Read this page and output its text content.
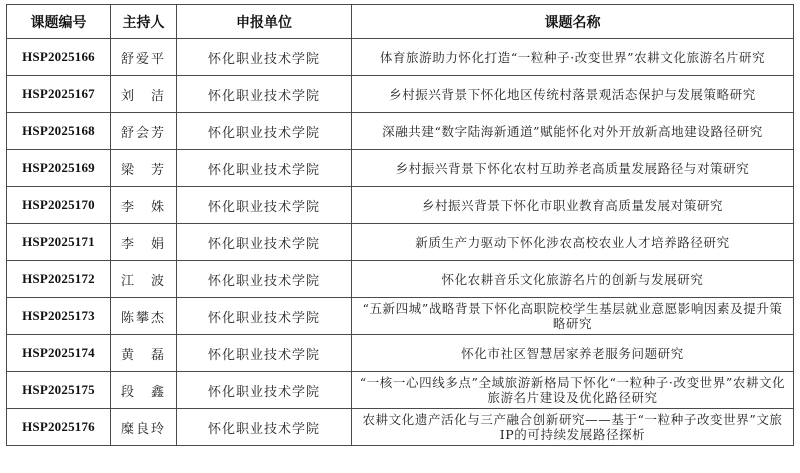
课题编号	主持人	申报单位	课题名称
HSP2025166	舒爱平	怀化职业技术学院	体育旅游助力怀化打造“一粒种子·改变世界”农耕文化旅游名片研究
HSP2025167	刘　洁	怀化职业技术学院	乡村振兴背景下怀化地区传统村落景观活态保护与发展策略研究
HSP2025168	舒会芳	怀化职业技术学院	深融共建“数字陆海新通道”赋能怀化对外开放新高地建设路径研究
HSP2025169	梁　芳	怀化职业技术学院	乡村振兴背景下怀化农村互助养老高质量发展路径与对策研究
HSP2025170	李　姝	怀化职业技术学院	乡村振兴背景下怀化市职业教育高质量发展对策研究
HSP2025171	李　娟	怀化职业技术学院	新质生产力驱动下怀化涉农高校农业人才培养路径研究
HSP2025172	江　波	怀化职业技术学院	怀化农耕音乐文化旅游名片的创新与发展研究
HSP2025173	陈攀杰	怀化职业技术学院	“五新四城”战略背景下怀化高职院校学生基层就业意愿影响因素及提升策略研究
HSP2025174	黄　磊	怀化职业技术学院	怀化市社区智慧居家养老服务问题研究
HSP2025175	段　鑫	怀化职业技术学院	“一核一心四线多点”全域旅游新格局下怀化“一粒种子·改变世界”农耕文化旅游名片建设及优化路径研究
HSP2025176	糜良玲	怀化职业技术学院	农耕文化遗产活化与三产融合创新研究——基于“一粒种子改变世界”文旅IP的可持续发展路径探析
